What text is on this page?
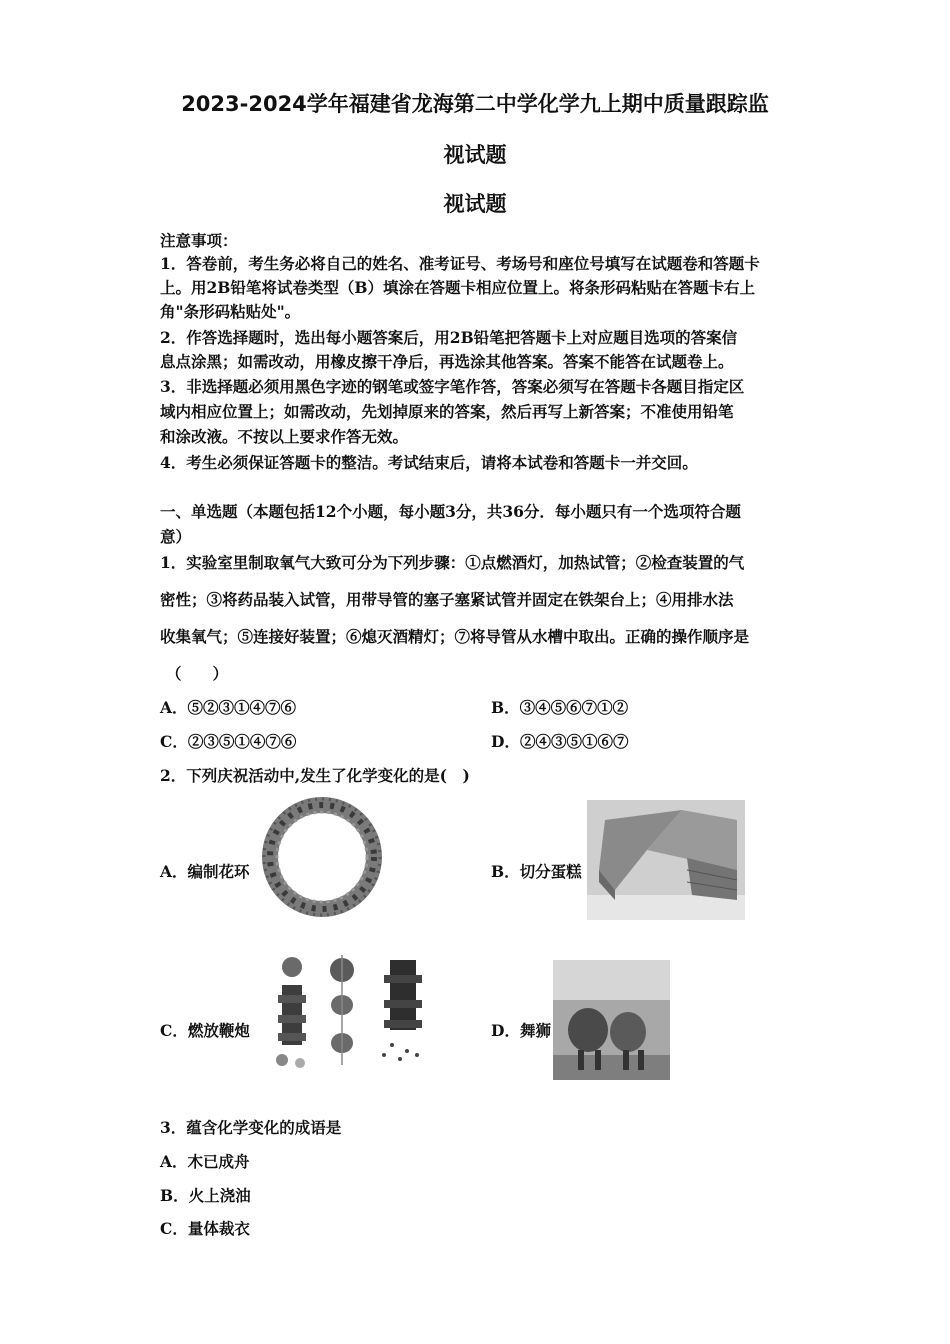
2023-2024学年福建省龙海第二中学化学九上期中质量跟踪监
视试题
视试题
注意事项：
1．答卷前，考生务必将自己的姓名、准考证号、考场号和座位号填写在试题卷和答题卡
上。用2B铅笔将试卷类型（B）填涂在答题卡相应位置上。将条形码粘贴在答题卡右上
角"条形码粘贴处"。
2．作答选择题时，选出每小题答案后，用2B铅笔把答题卡上对应题目选项的答案信
息点涂黑；如需改动，用橡皮擦干净后，再选涂其他答案。答案不能答在试题卷上。
3．非选择题必须用黑色字迹的钢笔或签字笔作答，答案必须写在答题卡各题目指定区
域内相应位置上；如需改动，先划掉原来的答案，然后再写上新答案；不准使用铅笔
和涂改液。不按以上要求作答无效。
4．考生必须保证答题卡的整洁。考试结束后，请将本试卷和答题卡一并交回。
一、单选题（本题包括12个小题，每小题3分，共36分．每小题只有一个选项符合题
意）
1．实验室里制取氧气大致可分为下列步骤：①点燃酒灯，加热试管；②检查装置的气
密性；③将药品装入试管，用带导管的塞子塞紧试管并固定在铁架台上；④用排水法
收集氧气；⑤连接好装置；⑥熄灭酒精灯；⑦将导管从水槽中取出。正确的操作顺序是
（　　）
A．⑤②③①④⑦⑥	B．③④⑤⑥⑦①②
C．②③⑤①④⑦⑥	D．②④③⑤①⑥⑦
2．下列庆祝活动中,发生了化学变化的是(　)
A．编制花环	B．切分蛋糕
C．燃放鞭炮	D．舞狮
3．蕴含化学变化的成语是
A．木已成舟
B．火上浇油
C．量体裁衣
